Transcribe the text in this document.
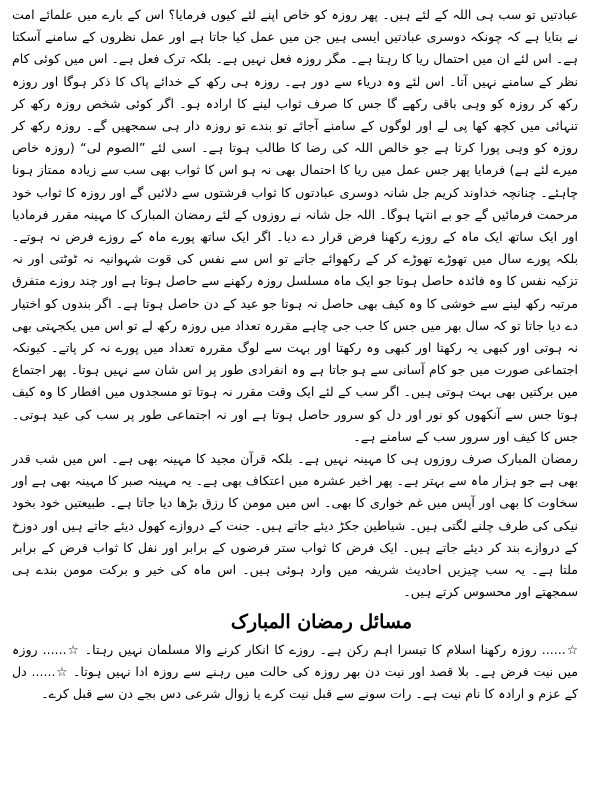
عبادتیں تو سب ہی اللہ کے لئے ہیں۔ پھر روزہ کو خاص اپنے لئے کیوں فرمایا؟ اس کے بارے میں علمائے امت نے بتایا ہے کہ چونکہ دوسری عبادتیں ایسی ہیں جن میں عمل کیا جاتا ہے اور عمل نظروں کے سامنے آسکتا ہے۔ اس لئے ان میں احتمال ریا کا رہتا ہے۔ مگر روزہ فعل نہیں ہے۔ بلکہ ترک فعل ہے۔ اس میں کوئی کام نظر کے سامنے نہیں آتا۔ اس لئے وہ دریاء سے دور ہے۔ روزہ ہی رکھ کے خدائے پاک کا ذکر ہوگا اور روزہ رکھ کر روزہ کو وہی باقی رکھے گا جس کا صرف ثواب لینے کا ارادہ ہو۔ اگر کوئی شخص روزہ رکھ کر تنہائی میں کچھ کھا پی لے اور لوگوں کے سامنے آجائے تو بندے تو روزہ دار ہی سمجھیں گے۔ روزہ رکھ کر روزہ کو وہی پورا کرتا ہے جو خالص اللہ کی رضا کا طالب ہوتا ہے۔ اسی لئے ”الصوم لی“ (روزہ خاص میرے لئے ہے) فرمایا پھر جس عمل میں ریا کا احتمال بھی نہ ہو اس کا ثواب بھی سب سے زیادہ ممتاز ہونا چاہئے۔ چنانچہ خداوند کریم جل شانہ دوسری عبادتوں کا ثواب فرشتوں سے دلائیں گے اور روزہ کا ثواب خود مرحمت فرمائیں گے جو بے انتہا ہوگا۔ اللہ جل شانہ نے روزوں کے لئے رمضان المبارک کا مہینہ مقرر فرمادیا اور ایک ساتھ ایک ماہ کے روزے رکھنا فرض قرار دے دیا۔ اگر ایک ساتھ پورے ماہ کے روزے فرض نہ ہوتے۔ بلکہ پورے سال میں تھوڑے تھوڑے کر کے رکھوائے جاتے تو اس سے نفس کی قوت شہوانیہ نہ ٹوٹتی اور نہ تزکیہ نفس کا وہ فائدہ حاصل ہوتا جو ایک ماہ مسلسل روزہ رکھنے سے حاصل ہوتا ہے اور چند روزے متفرق مرتبہ رکھ لینے سے خوشی کا وہ کیف بھی حاصل نہ ہوتا جو عید کے دن حاصل ہوتا ہے۔ اگر بندوں کو اختیار دے دیا جاتا تو کہ سال بھر میں جس کا جب جی چاہے مقررہ تعداد میں روزہ رکھ لے تو اس میں یکجہتی بھی نہ ہوتی اور کبھی یہ رکھتا اور کبھی وہ رکھتا اور بہت سے لوگ مقررہ تعداد میں پورے نہ کر پاتے۔ کیونکہ اجتماعی صورت میں جو کام آسانی سے ہو جاتا ہے وہ انفرادی طور پر اس شان سے نہیں ہوتا۔ پھر اجتماع میں برکتیں بھی بہت ہوتی ہیں۔ اگر سب کے لئے ایک وقت مقرر نہ ہوتا تو مسجدوں میں افطار کا وہ کیف ہوتا جس سے آنکھوں کو نور اور دل کو سرور حاصل ہوتا ہے اور نہ اجتماعی طور پر سب کی عید ہوتی۔ جس کا کیف اور سرور سب کے سامنے ہے۔

رمضان المبارک صرف روزوں ہی کا مہینہ نہیں ہے۔ بلکہ قرآن مجید کا مہینہ بھی ہے۔ اس میں شب قدر بھی ہے جو ہزار ماہ سے بہتر ہے۔ پھر اخیر عشرہ میں اعتکاف بھی ہے۔ یہ مہینہ صبر کا مہینہ بھی ہے اور سخاوت کا بھی اور آپس میں غم خواری کا بھی۔ اس میں مومن کا رزق بڑھا دیا جاتا ہے۔ طبیعتیں خود بخود نیکی کی طرف چلنے لگتی ہیں۔ شیاطین جکڑ دیئے جاتے ہیں۔ جنت کے دروازے کھول دیئے جاتے ہیں اور دوزخ کے دروازے بند کر دیئے جاتے ہیں۔ ایک فرض کا ثواب ستر فرضوں کے برابر اور نفل کا ثواب فرض کے برابر ملتا ہے۔ یہ سب چیزیں احادیث شریفہ میں وارد ہوئی ہیں۔ اس ماہ کی خیر و برکت مومن بندے ہی سمجھتے اور محسوس کرتے ہیں۔

مسائل رمضان المبارک

☆...... روزہ رکھنا اسلام کا تیسرا اہم رکن ہے۔ روزے کا انکار کرنے والا مسلمان نہیں رہتا۔ ☆...... روزہ میں نیت فرض ہے۔ بلا قصد اور نیت دن بھر روزہ کی حالت میں رہنے سے روزہ ادا نہیں ہوتا۔ ☆...... دل کے عزم و ارادہ کا نام نیت ہے۔ رات سونے سے قبل نیت کرے یا زوال شرعی دس بجے دن سے قبل کرے۔
